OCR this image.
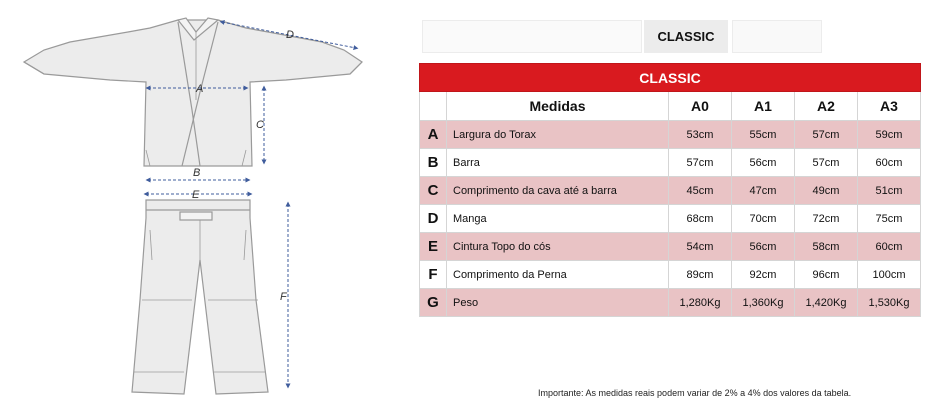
A
B
C
D
E
F
CLASSIC
CLASSIC					
	Medidas	A0	A1	A2	A3
A	Largura do Torax	53cm	55cm	57cm	59cm
B	Barra	57cm	56cm	57cm	60cm
C	Comprimento da cava até a barra	45cm	47cm	49cm	51cm
D	Manga	68cm	70cm	72cm	75cm
E	Cintura Topo do cós	54cm	56cm	58cm	60cm
F	Comprimento da Perna	89cm	92cm	96cm	100cm
G	Peso	1,280Kg	1,360Kg	1,420Kg	1,530Kg
Importante: As medidas reais podem variar de 2% a 4% dos valores da tabela.
